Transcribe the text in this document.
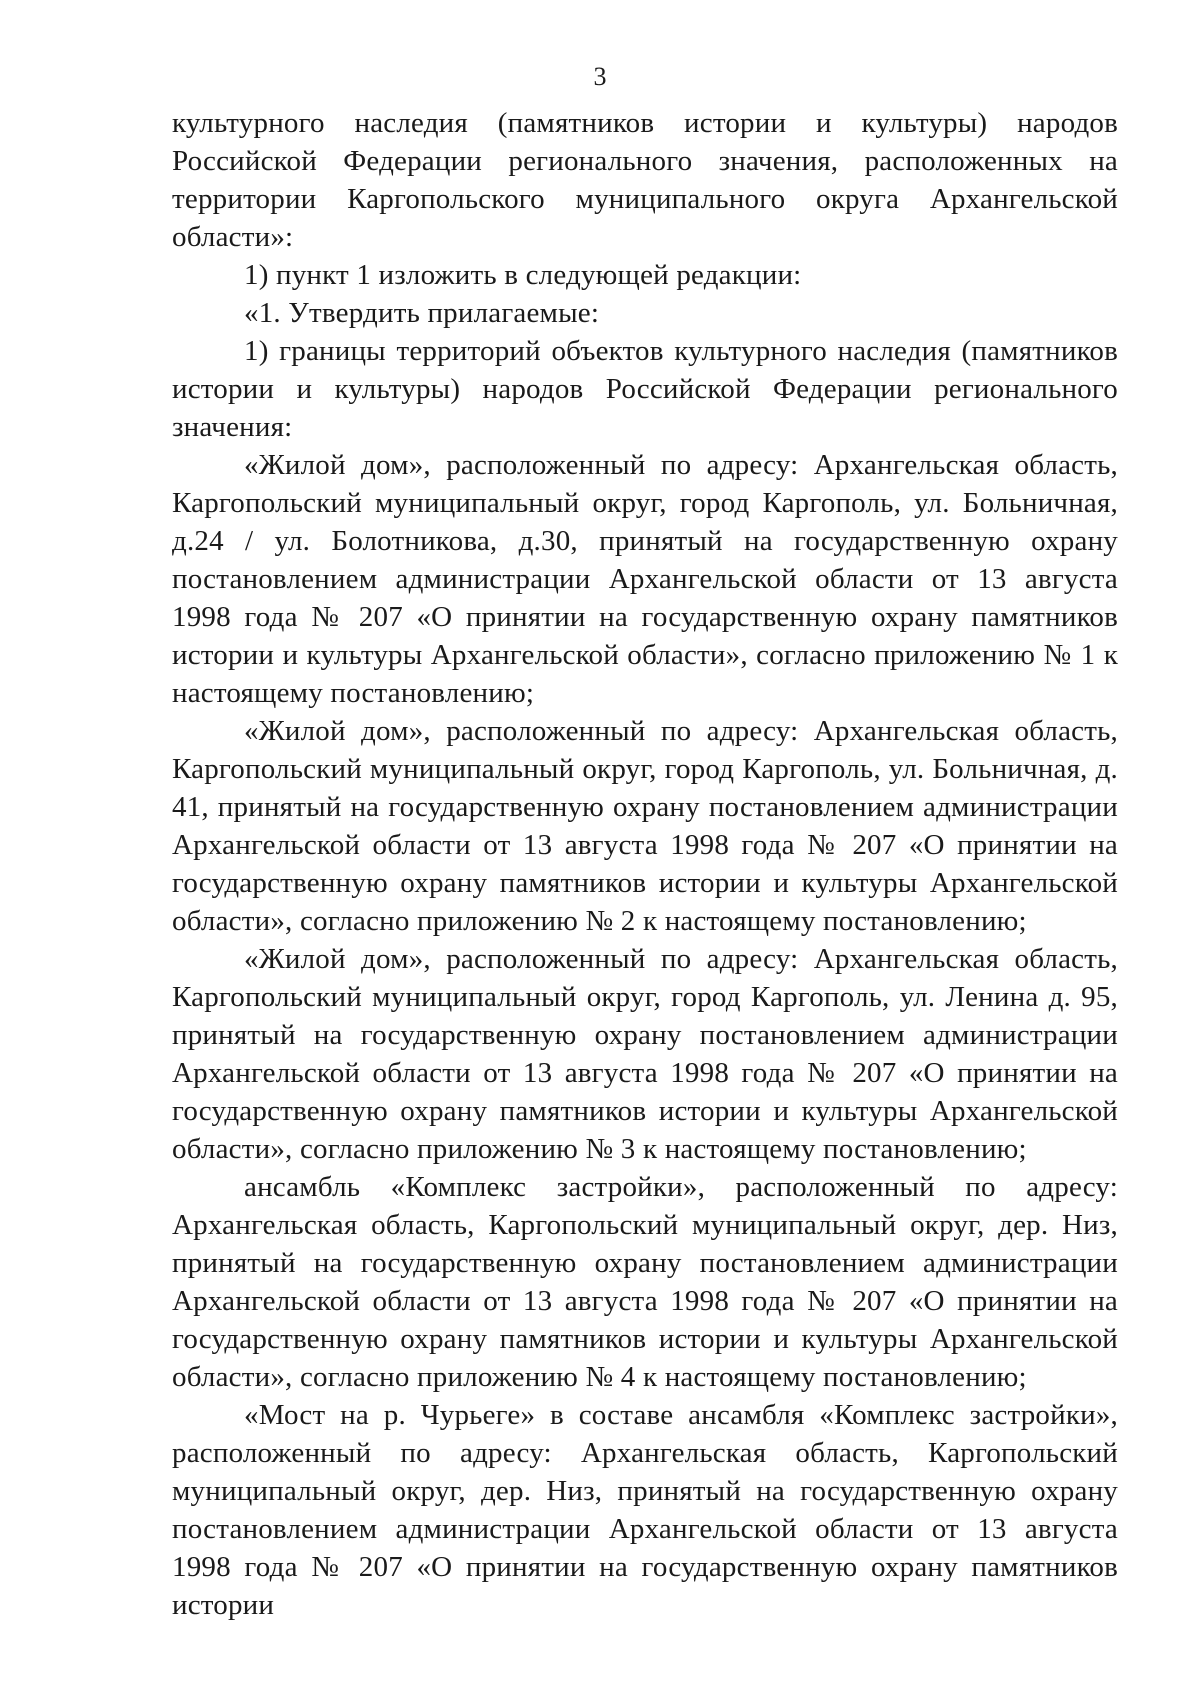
3

культурного наследия (памятников истории и культуры) народов Российской Федерации регионального значения, расположенных на территории Каргопольского муниципального округа Архангельской области»:

1) пункт 1 изложить в следующей редакции:

«1. Утвердить прилагаемые:

1) границы территорий объектов культурного наследия (памятников истории и культуры) народов Российской Федерации регионального значения:

«Жилой дом», расположенный по адресу: Архангельская область, Каргопольский муниципальный округ, город Каргополь, ул. Больничная, д.24 / ул. Болотникова, д.30, принятый на государственную охрану постановлением администрации Архангельской области от 13 августа 1998 года № 207 «О принятии на государственную охрану памятников истории и культуры Архангельской области», согласно приложению № 1 к настоящему постановлению;

«Жилой дом», расположенный по адресу: Архангельская область, Каргопольский муниципальный округ, город Каргополь, ул. Больничная, д. 41, принятый на государственную охрану постановлением администрации Архангельской области от 13 августа 1998 года № 207 «О принятии на государственную охрану памятников истории и культуры Архангельской области», согласно приложению № 2 к настоящему постановлению;

«Жилой дом», расположенный по адресу: Архангельская область, Каргопольский муниципальный округ, город Каргополь, ул. Ленина д. 95, принятый на государственную охрану постановлением администрации Архангельской области от 13 августа 1998 года № 207 «О принятии на государственную охрану памятников истории и культуры Архангельской области», согласно приложению № 3 к настоящему постановлению;

ансамбль «Комплекс застройки», расположенный по адресу: Архангельская область, Каргопольский муниципальный округ, дер. Низ, принятый на государственную охрану постановлением администрации Архангельской области от 13 августа 1998 года № 207 «О принятии на государственную охрану памятников истории и культуры Архангельской области», согласно приложению № 4 к настоящему постановлению;

«Мост на р. Чурьеге» в составе ансамбля «Комплекс застройки», расположенный по адресу: Архангельская область, Каргопольский муниципальный округ, дер. Низ, принятый на государственную охрану постановлением администрации Архангельской области от 13 августа 1998 года № 207 «О принятии на государственную охрану памятников истории
